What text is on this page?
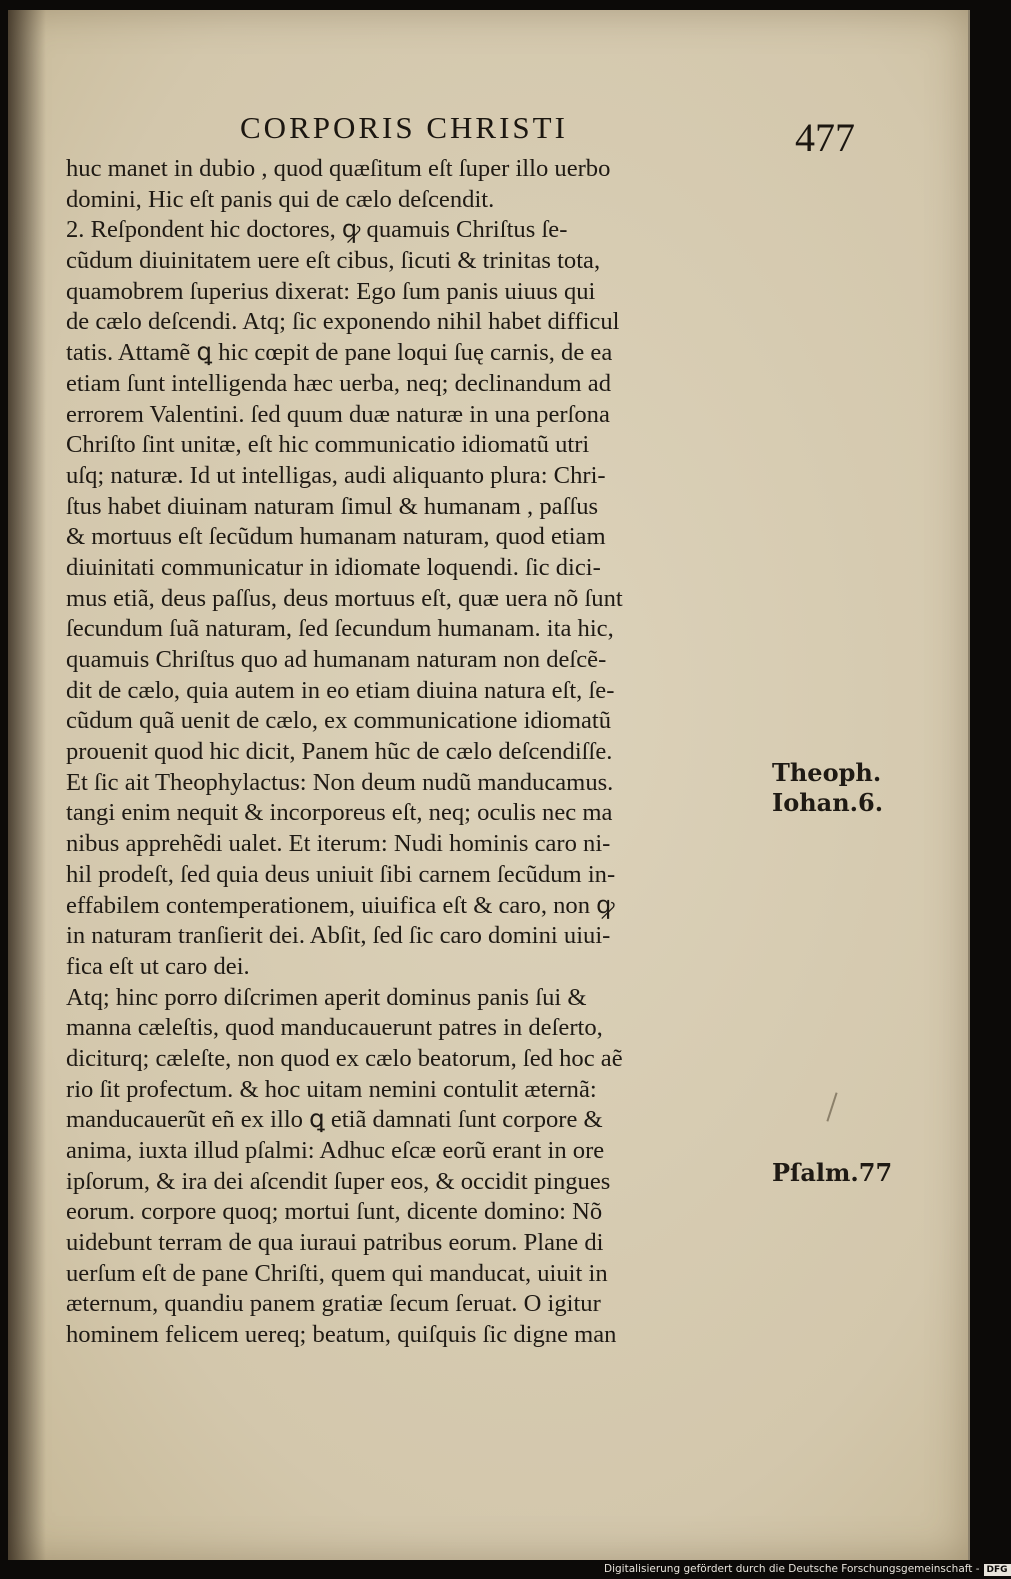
CORPORIS CHRISTI	477
huc manet in dubio , quod quæſitum eſt ſuper illo uerbo
domini, Hic eſt panis qui de cælo deſcendit.
2. Reſpondent hic doctores, ꝙ quamuis Chriſtus ſe-
cũdum diuinitatem uere eſt cibus, ſicuti & trinitas tota,
quamobrem ſuperius dixerat: Ego ſum panis uiuus qui
de cælo deſcendi. Atq; ſic exponendo nihil habet difficul
tatis. Attamẽ ꝗ hic cœpit de pane loqui ſuę carnis, de ea
etiam ſunt intelligenda hæc uerba, neq; declinandum ad
errorem Valentini. ſed quum duæ naturæ in una perſona
Chriſto ſint unitæ, eſt hic communicatio idiomatũ utri
uſq; naturæ. Id ut intelligas, audi aliquanto plura: Chri-
ſtus habet diuinam naturam ſimul & humanam , paſſus
& mortuus eſt ſecũdum humanam naturam, quod etiam
diuinitati communicatur in idiomate loquendi. ſic dici-
mus etiã, deus paſſus, deus mortuus eſt, quæ uera nõ ſunt
ſecundum ſuã naturam, ſed ſecundum humanam. ita hic,
quamuis Chriſtus quo ad humanam naturam non deſcẽ-
dit de cælo, quia autem in eo etiam diuina natura eſt, ſe-
cũdum quã uenit de cælo, ex communicatione idiomatũ
prouenit quod hic dicit, Panem hũc de cælo deſcendiſſe.
Et ſic ait Theophylactus: Non deum nudũ manducamus.
tangi enim nequit & incorporeus eſt, neq; oculis nec ma
nibus apprehẽdi ualet. Et iterum: Nudi hominis caro ni-
hil prodeſt, ſed quia deus uniuit ſibi carnem ſecũdum in-
effabilem contemperationem, uiuifica eſt & caro, non ꝙ
in naturam tranſierit dei. Abſit, ſed ſic caro domini uiui-
fica eſt ut caro dei.
Atq; hinc porro diſcrimen aperit dominus panis ſui &
manna cæleſtis, quod manducauerunt patres in deſerto,
diciturq; cæleſte, non quod ex cælo beatorum, ſed hoc aẽ
rio ſit profectum. & hoc uitam nemini contulit æternã:
manducauerũt eñ ex illo ꝗ etiã damnati ſunt corpore &
anima, iuxta illud pſalmi: Adhuc eſcæ eorũ erant in ore
ipſorum, & ira dei aſcendit ſuper eos, & occidit pingues
eorum. corpore quoq; mortui ſunt, dicente domino: Nõ
uidebunt terram de qua iuraui patribus eorum. Plane di
uerſum eſt de pane Chriſti, quem qui manducat, uiuit in
æternum, quandiu panem gratiæ ſecum ſeruat. O igitur
hominem felicem uereq; beatum, quiſquis ſic digne man
Theoph.
Iohan.6.
Pſalm.77
Digitalisierung gefördert durch die Deutsche Forschungsgemeinschaft - DFG
